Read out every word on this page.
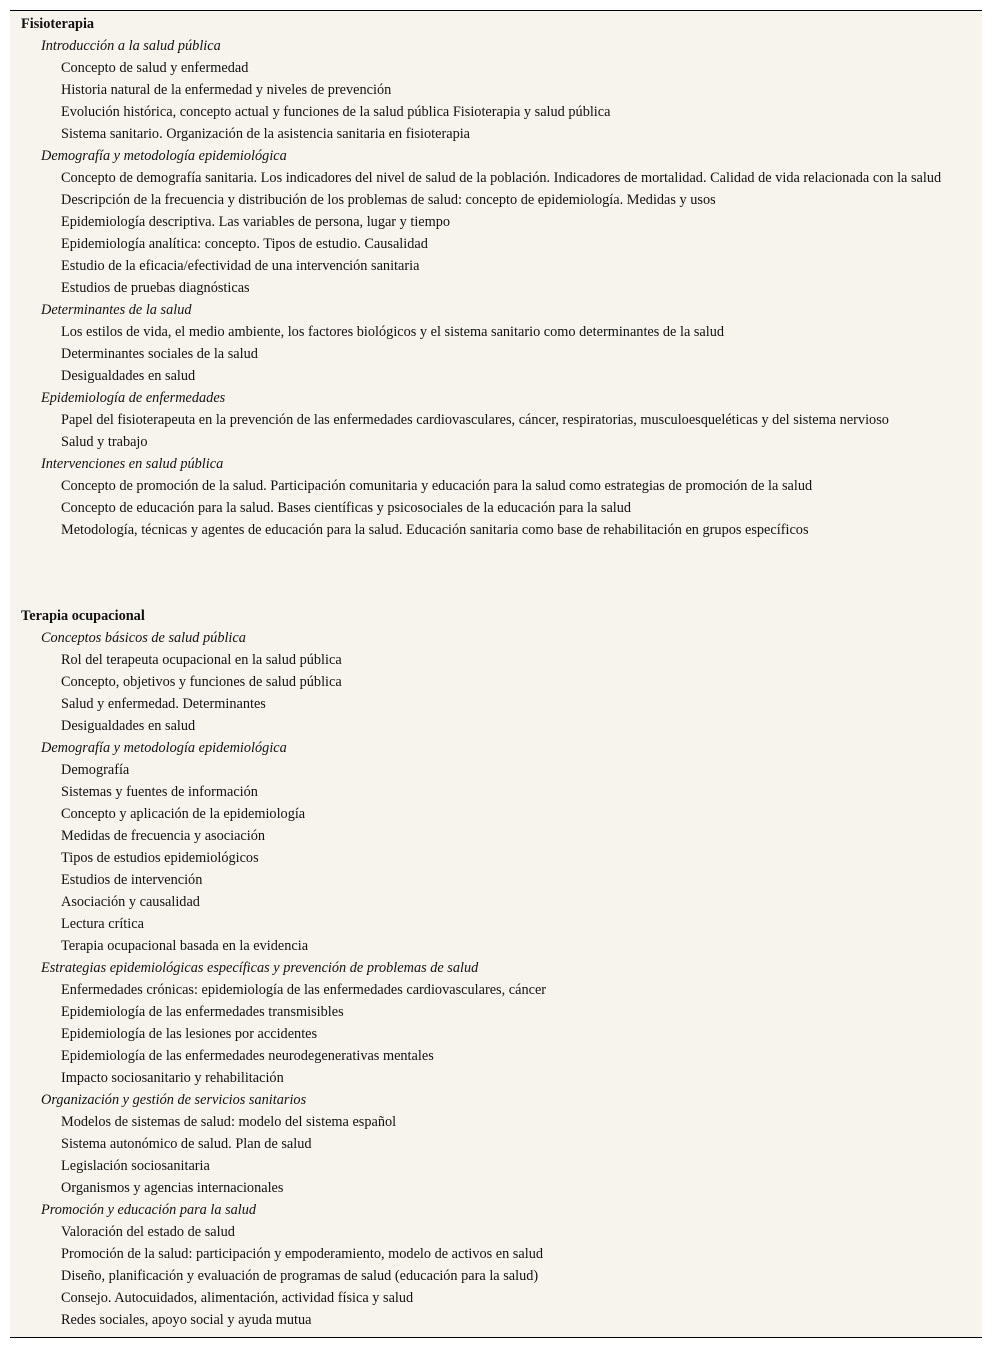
Fisioterapia
Introducción a la salud pública
Concepto de salud y enfermedad
Historia natural de la enfermedad y niveles de prevención
Evolución histórica, concepto actual y funciones de la salud pública Fisioterapia y salud pública
Sistema sanitario. Organización de la asistencia sanitaria en fisioterapia
Demografía y metodología epidemiológica
Concepto de demografía sanitaria. Los indicadores del nivel de salud de la población. Indicadores de mortalidad. Calidad de vida relacionada con la salud
Descripción de la frecuencia y distribución de los problemas de salud: concepto de epidemiología. Medidas y usos
Epidemiología descriptiva. Las variables de persona, lugar y tiempo
Epidemiología analítica: concepto. Tipos de estudio. Causalidad
Estudio de la eficacia/efectividad de una intervención sanitaria
Estudios de pruebas diagnósticas
Determinantes de la salud
Los estilos de vida, el medio ambiente, los factores biológicos y el sistema sanitario como determinantes de la salud
Determinantes sociales de la salud
Desigualdades en salud
Epidemiología de enfermedades
Papel del fisioterapeuta en la prevención de las enfermedades cardiovasculares, cáncer, respiratorias, musculoesqueléticas y del sistema nervioso
Salud y trabajo
Intervenciones en salud pública
Concepto de promoción de la salud. Participación comunitaria y educación para la salud como estrategias de promoción de la salud
Concepto de educación para la salud. Bases científicas y psicosociales de la educación para la salud
Metodología, técnicas y agentes de educación para la salud. Educación sanitaria como base de rehabilitación en grupos específicos
Terapia ocupacional
Conceptos básicos de salud pública
Rol del terapeuta ocupacional en la salud pública
Concepto, objetivos y funciones de salud pública
Salud y enfermedad. Determinantes
Desigualdades en salud
Demografía y metodología epidemiológica
Demografía
Sistemas y fuentes de información
Concepto y aplicación de la epidemiología
Medidas de frecuencia y asociación
Tipos de estudios epidemiológicos
Estudios de intervención
Asociación y causalidad
Lectura crítica
Terapia ocupacional basada en la evidencia
Estrategias epidemiológicas específicas y prevención de problemas de salud
Enfermedades crónicas: epidemiología de las enfermedades cardiovasculares, cáncer
Epidemiología de las enfermedades transmisibles
Epidemiología de las lesiones por accidentes
Epidemiología de las enfermedades neurodegenerativas mentales
Impacto sociosanitario y rehabilitación
Organización y gestión de servicios sanitarios
Modelos de sistemas de salud: modelo del sistema español
Sistema autonómico de salud. Plan de salud
Legislación sociosanitaria
Organismos y agencias internacionales
Promoción y educación para la salud
Valoración del estado de salud
Promoción de la salud: participación y empoderamiento, modelo de activos en salud
Diseño, planificación y evaluación de programas de salud (educación para la salud)
Consejo. Autocuidados, alimentación, actividad física y salud
Redes sociales, apoyo social y ayuda mutua
